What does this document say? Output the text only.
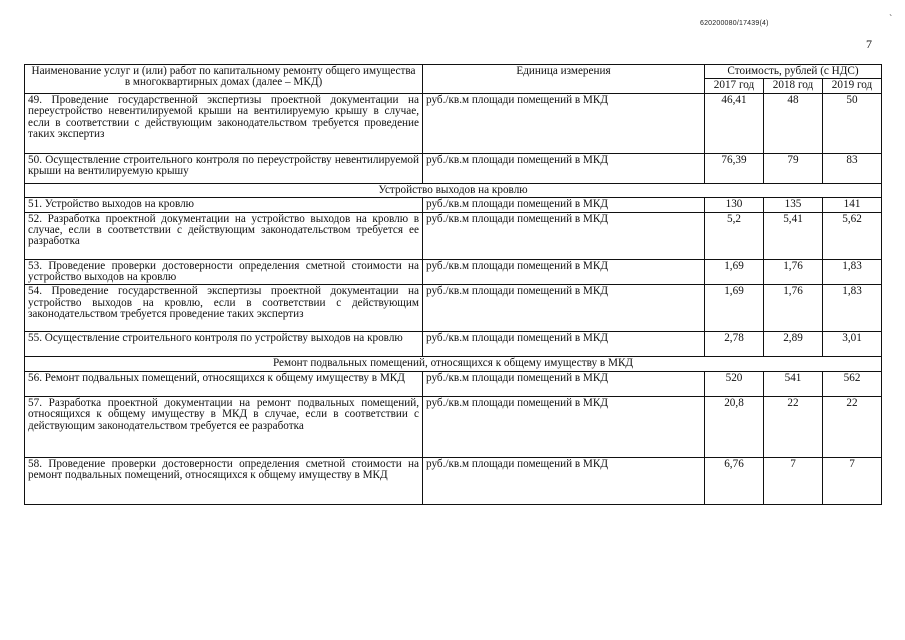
620200080/17439(4)	`
7
Наименование услуг и (или) работ по капитальному ремонту общего имущества в многоквартирных домах (далее – МКД)	Единица измерения	Стоимость, рублей (с НДС)		
		2017 год	2018 год	2019 год
49. Проведение государственной экспертизы проектной документации на переустройство невентилируемой крыши на вентилируемую крышу в случае, если в соответствии с действующим законодательством требуется проведение таких экспертиз	руб./кв.м площади помещений в МКД	46,41	48	50
50. Осуществление строительного контроля по переустройству невентилируемой крыши на вентилируемую крышу	руб./кв.м площади помещений в МКД	76,39	79	83
Устройство выходов на кровлю				
51. Устройство выходов на кровлю	руб./кв.м площади помещений в МКД	130	135	141
52. Разработка проектной документации на устройство выходов на кровлю в случае, если в соответствии с действующим законодательством требуется ее разработка	руб./кв.м площади помещений в МКД	5,2	5,41	5,62
53. Проведение проверки достоверности определения сметной стоимости на устройство выходов на кровлю	руб./кв.м площади помещений в МКД	1,69	1,76	1,83
54. Проведение государственной экспертизы проектной документации на устройство выходов на кровлю, если в соответствии с действующим законодательством требуется проведение таких экспертиз	руб./кв.м площади помещений в МКД	1,69	1,76	1,83
55. Осуществление строительного контроля по устройству выходов на кровлю	руб./кв.м площади помещений в МКД	2,78	2,89	3,01
Ремонт подвальных помещений, относящихся к общему имуществу в МКД				
56. Ремонт подвальных помещений, относящихся к общему имуществу в МКД	руб./кв.м площади помещений в МКД	520	541	562
57. Разработка проектной документации на ремонт подвальных помещений, относящихся к общему имуществу в МКД в случае, если в соответствии с действующим законодательством требуется ее разработка	руб./кв.м площади помещений в МКД	20,8	22	22
58. Проведение проверки достоверности определения сметной стоимости на ремонт подвальных помещений, относящихся к общему имуществу в МКД	руб./кв.м площади помещений в МКД	6,76	7	7
